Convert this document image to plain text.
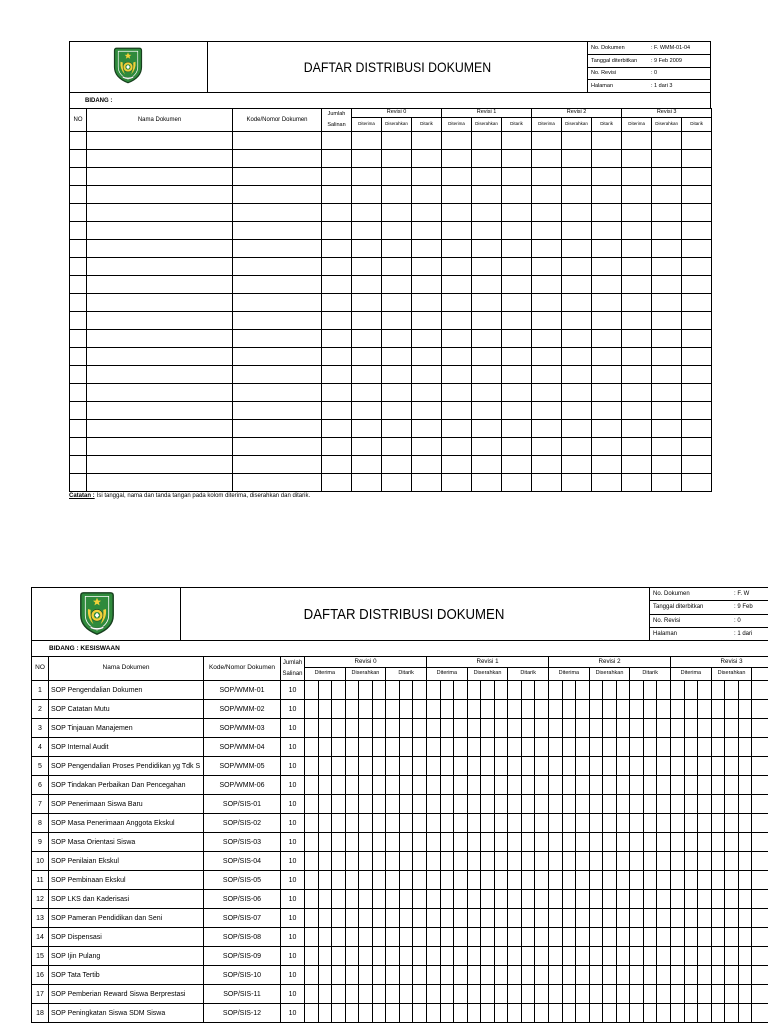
DAFTAR DISTRIBUSI DOKUMEN
No. Dokumen	: F. WMM-01-04
Tanggal diterbitkan	: 9 Feb 2009
No. Revisi	: 0
Halaman	: 1 dari 3
BIDANG :
NO	Nama Dokumen	Kode/Nomor Dokumen	Jumlah
Salinan	Revisi 0			Revisi 1			Revisi 2			Revisi 3		
				Diterima	Diserahkan	Ditarik	Diterima	Diserahkan	Ditarik	Diterima	Diserahkan	Ditarik	Diterima	Diserahkan	Ditarik

Catatan : Isi tanggal, nama dan tanda tangan pada kolom diterima, diserahkan dan ditarik.
DAFTAR DISTRIBUSI DOKUMEN
No. Dokumen	: F. W
Tanggal diterbitkan	: 9 Feb
No. Revisi	: 0
Halaman	: 1 dari
BIDANG : KESISWAAN
NO	Nama Dokumen	Kode/Nomor Dokumen	Jumlah
Salinan	Revisi 0									Revisi 1									Revisi 2									Revisi 3						
				Diterima			Diserahkan			Ditarik			Diterima			Diserahkan			Ditarik			Diterima			Diserahkan			Ditarik			Diterima			Diserahkan			
1	SOP Pengendalian Dokumen	SOP/WMM-01	10																																		
2	SOP Catatan Mutu	SOP/WMM-02	10																																		
3	SOP Tinjauan Manajemen	SOP/WMM-03	10																																		
4	SOP Internal Audit	SOP/WMM-04	10																																		
5	SOP Pengendalian Proses Pendidikan yg Tdk S	SOP/WMM-05	10																																		
6	SOP Tindakan Perbaikan Dan Pencegahan	SOP/WMM-06	10																																		
7	SOP Penerimaan Siswa Baru	SOP/SIS-01	10																																		
8	SOP Masa Penerimaan Anggota Ekskul	SOP/SIS-02	10																																		
9	SOP Masa Orientasi Siswa	SOP/SIS-03	10																																		
10	SOP Penilaian Ekskul	SOP/SIS-04	10																																		
11	SOP Pembinaan Ekskul	SOP/SIS-05	10																																		
12	SOP LKS dan Kaderisasi	SOP/SIS-06	10																																		
13	SOP Pameran Pendidikan dan Seni	SOP/SIS-07	10																																		
14	SOP Dispensasi	SOP/SIS-08	10																																		
15	SOP Ijin Pulang	SOP/SIS-09	10																																		
16	SOP Tata Tertib	SOP/SIS-10	10																																		
17	SOP Pemberian Reward Siswa Berprestasi	SOP/SIS-11	10																																		
18	SOP Peningkatan Siswa SDM Siswa	SOP/SIS-12	10																																		
